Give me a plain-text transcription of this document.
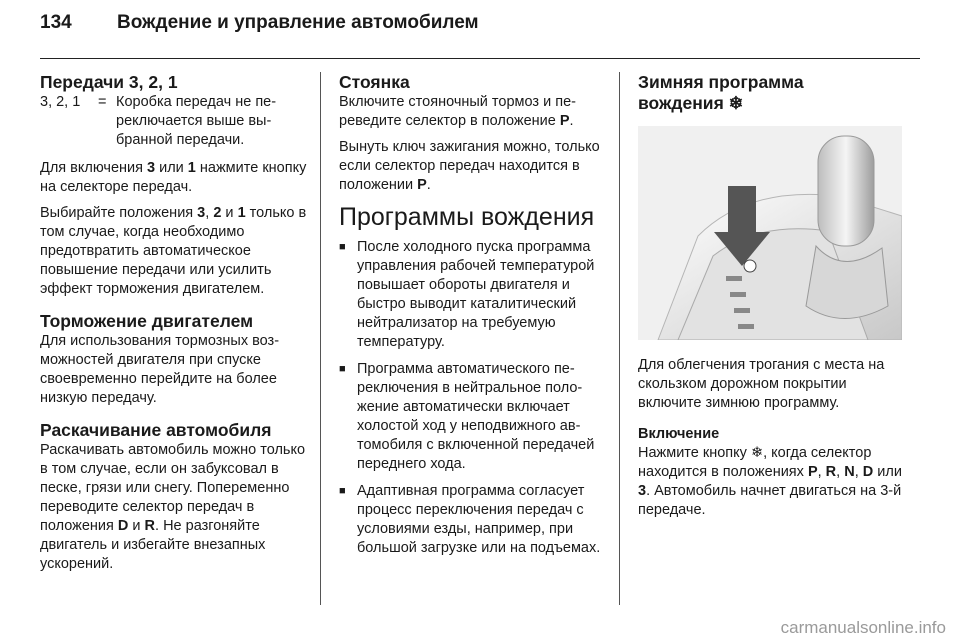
134 Вождение и управление автомобилем
Передачи 3, 2, 1
3, 2, 1	= Коробка передач не переключается выше выбранной передачи.

Для включения 3 или 1 нажмите кнопку на селекторе передач.

Выбирайте положения 3, 2 и 1 только в том случае, когда необходимо предотвратить автоматическое повышение передачи или усилить эффект торможения двигателем.

Торможение двигателем

Для использования тормозных возможностей двигателя при спуске своевременно перейдите на более низкую передачу.

Раскачивание автомобиля

Раскачивать автомобиль можно только в том случае, если он забуксовал в песке, грязи или снегу. Попеременно переводите селектор передач в положения D и R. Не разгоняйте двигатель и избегайте внезапных ускорений.

Стоянка

Включите стояночный тормоз и переведите селектор в положение P.

Вынуть ключ зажигания можно, только если селектор передач находится в положении P.

Программы вождения
■ После холодного пуска программа управления рабочей температурой повышает обороты двигателя и быстро выводит каталитический нейтрализатор на требуемую температуру.
■ Программа автоматического переключения в нейтральное положение автоматически включает холостой ход у неподвижного автомобиля с включенной передачей переднего хода.
■ Адаптивная программа согласует процесс переключения передач с условиями езды, например, при большой загрузке или на подъемах.
Зимняя программа
вождения ❄

Для облегчения трогания с места на скользком дорожном покрытии включите зимнюю программу.

Включение

Нажмите кнопку ❄, когда селектор находится в положениях P, R, N, D или 3. Автомобиль начнет двигаться на 3-й передаче.

carmanualsonline.info
